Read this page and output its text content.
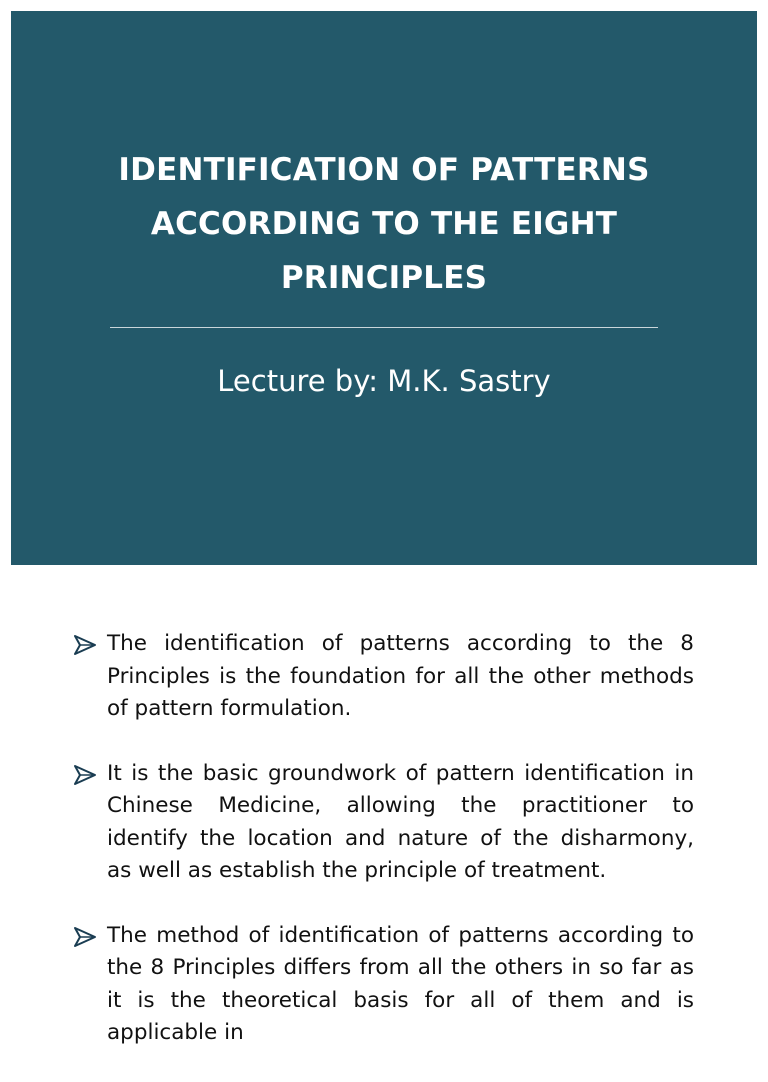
IDENTIFICATION OF PATTERNS
ACCORDING TO THE EIGHT
PRINCIPLES

Lecture by: M.K. Sastry

The identification of patterns according to the 8
Principles is the foundation for all the other methods
of pattern formulation.
It is the basic groundwork of pattern identification in
Chinese Medicine, allowing the practitioner to
identify the location and nature of the disharmony,
as well as establish the principle of treatment.
The method of identification of patterns according to
the 8 Principles differs from all the others in so far as
it is the theoretical basis for all of them and is
applicable in
